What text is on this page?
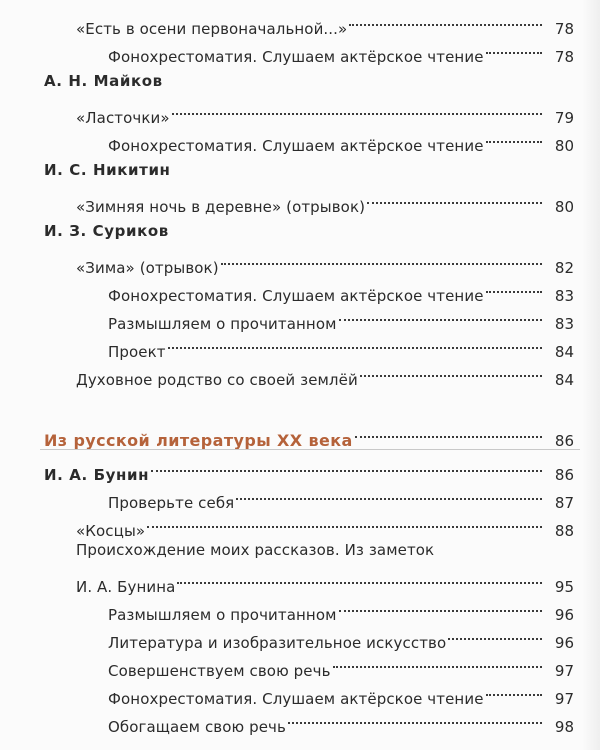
«Есть в осени первоначальной...»	78
Фонохрестоматия. Слушаем актёрское чтение	78
А. Н. Майков
«Ласточки»	79
Фонохрестоматия. Слушаем актёрское чтение	80
И. С. Никитин
«Зимняя ночь в деревне» (отрывок)	80
И. З. Суриков
«Зима» (отрывок)	82
Фонохрестоматия. Слушаем актёрское чтение	83
Размышляем о прочитанном	83
Проект	84
Духовное родство со своей землёй	84
Из русской литературы XX века	86
И. А. Бунин	86
Проверьте себя	87
«Косцы»	88
Происхождение моих рассказов. Из заметок
И. А. Бунина	95
Размышляем о прочитанном	96
Литература и изобразительное искусство	96
Совершенствуем свою речь	97
Фонохрестоматия. Слушаем актёрское чтение	97
Обогащаем свою речь	98
